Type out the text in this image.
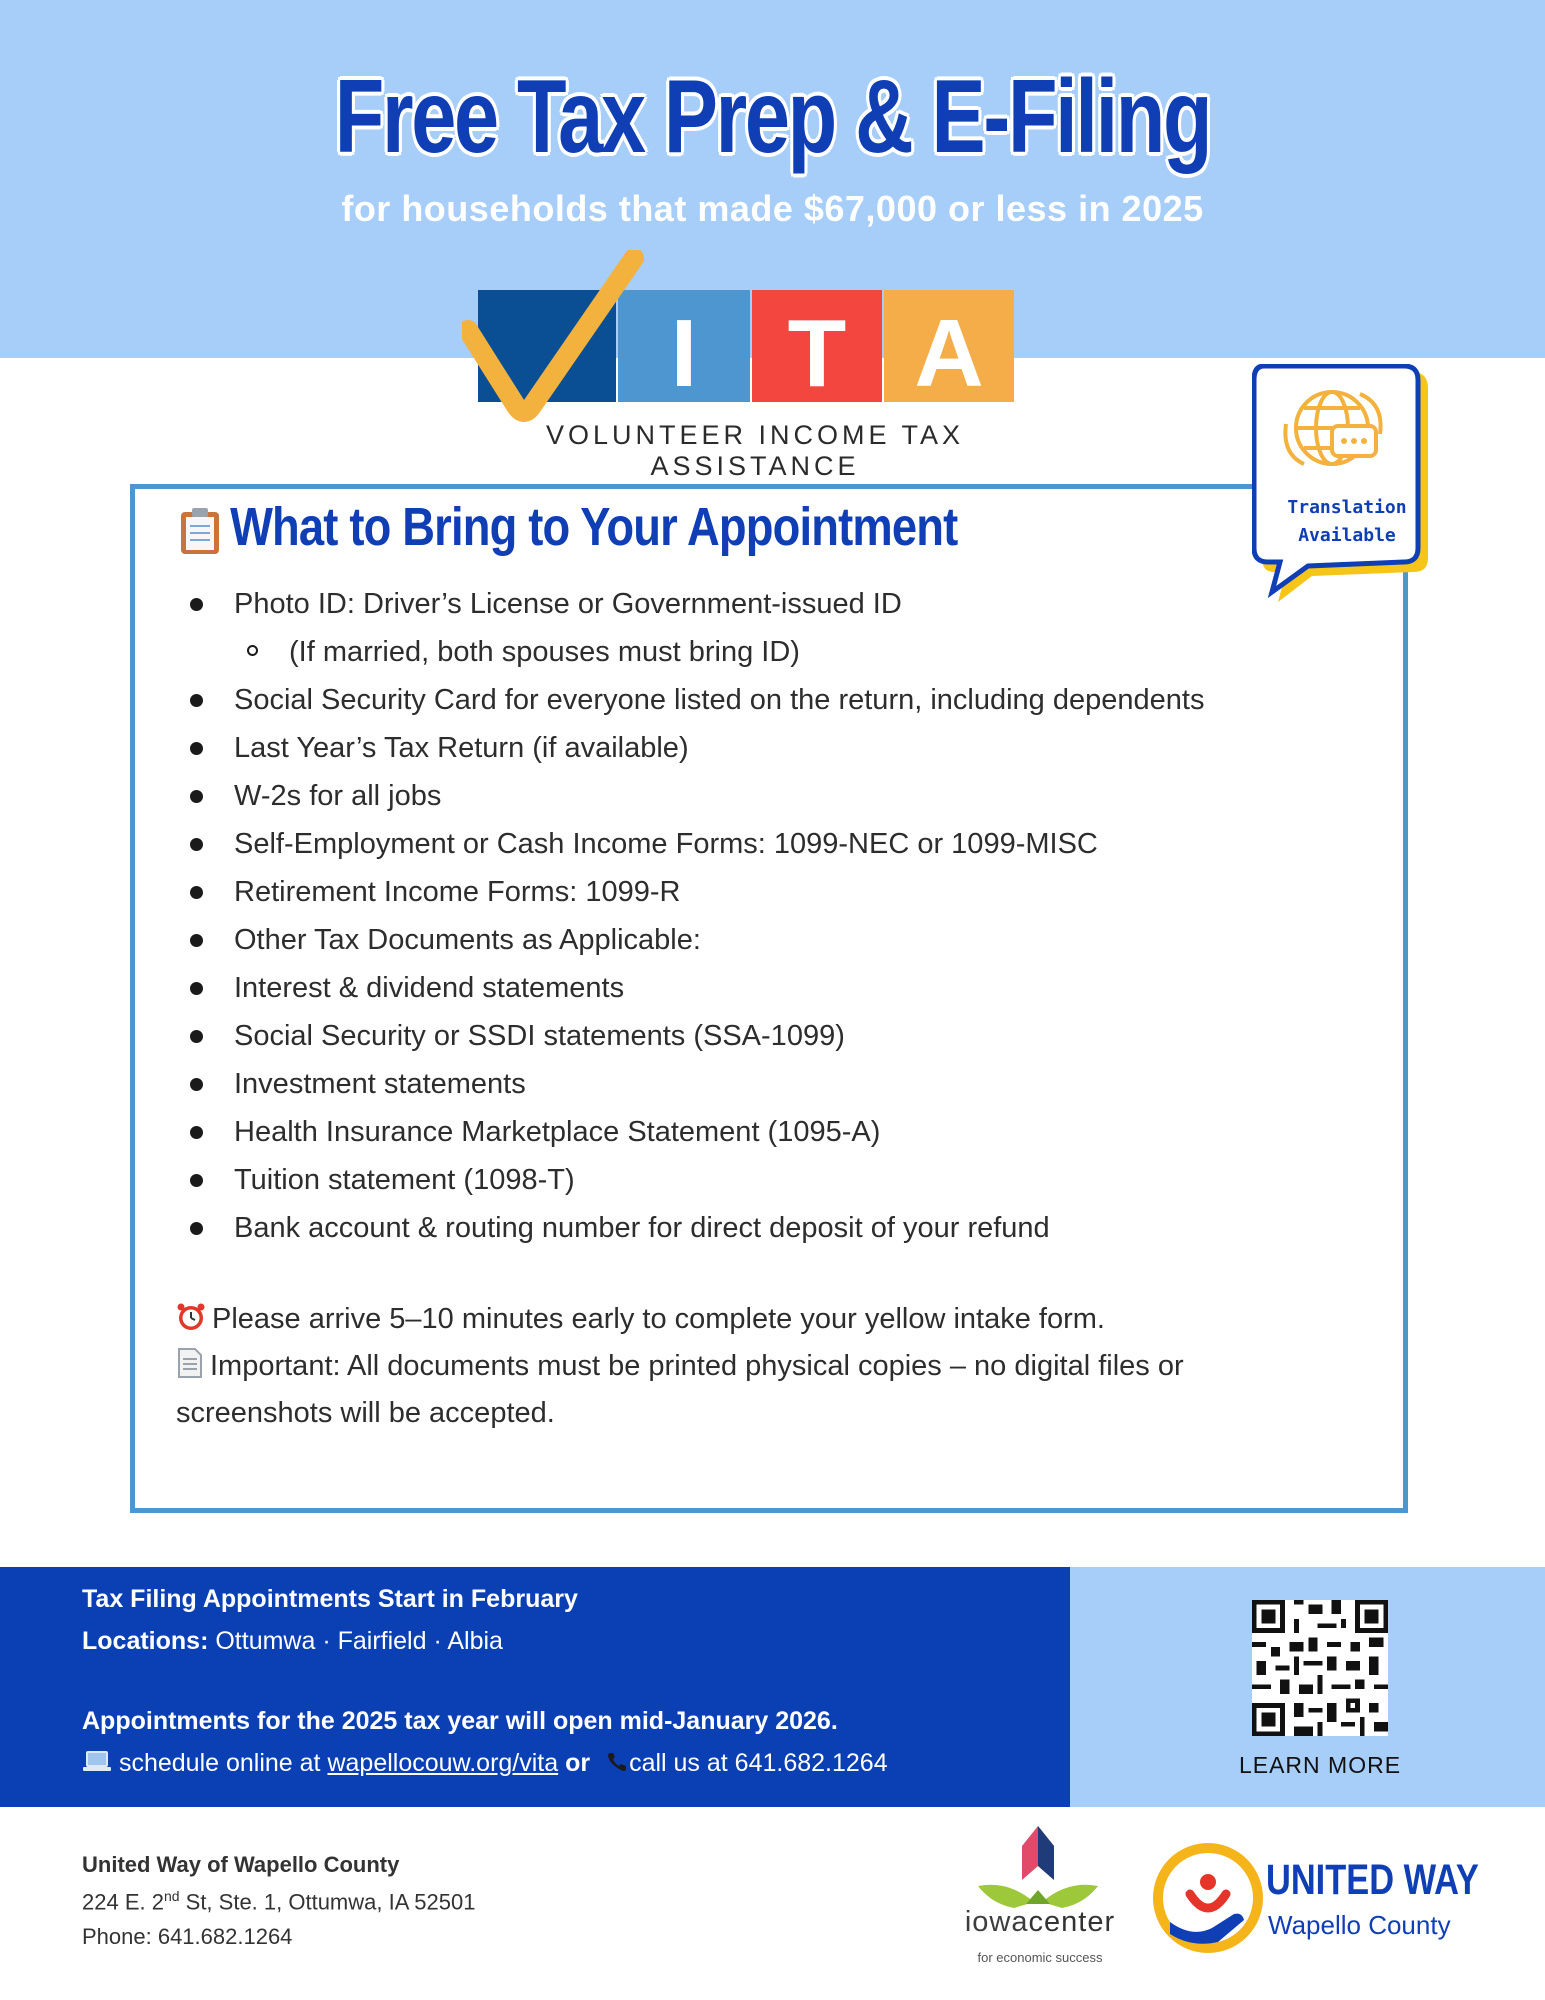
Free Tax Prep & E-Filing
for households that made $67,000 or less in 2025
I T A
VOLUNTEER INCOME TAX ASSISTANCE
Translation
Available
What to Bring to Your Appointment
Photo ID: Driver’s License or Government-issued ID
(If married, both spouses must bring ID)
Social Security Card for everyone listed on the return, including dependents
Last Year’s Tax Return (if available)
W-2s for all jobs
Self-Employment or Cash Income Forms: 1099-NEC or 1099-MISC
Retirement Income Forms: 1099-R
Other Tax Documents as Applicable:
Interest & dividend statements
Social Security or SSDI statements (SSA-1099)
Investment statements
Health Insurance Marketplace Statement (1095-A)
Tuition statement (1098-T)
Bank account & routing number for direct deposit of your refund
Please arrive 5–10 minutes early to complete your yellow intake form.
Important: All documents must be printed physical copies – no digital files or
screenshots will be accepted.
Tax Filing Appointments Start in February
Locations: Ottumwa · Fairfield · Albia
Appointments for the 2025 tax year will open mid-January 2026.
schedule online at wapellocouw.org/vita or call us at 641.682.1264	LEARN MORE
United Way of Wapello County
224 E. 2nd St, Ste. 1, Ottumwa, IA 52501
Phone: 641.682.1264	iowacenter
for economic success
UNITED WAY
Wapello County
